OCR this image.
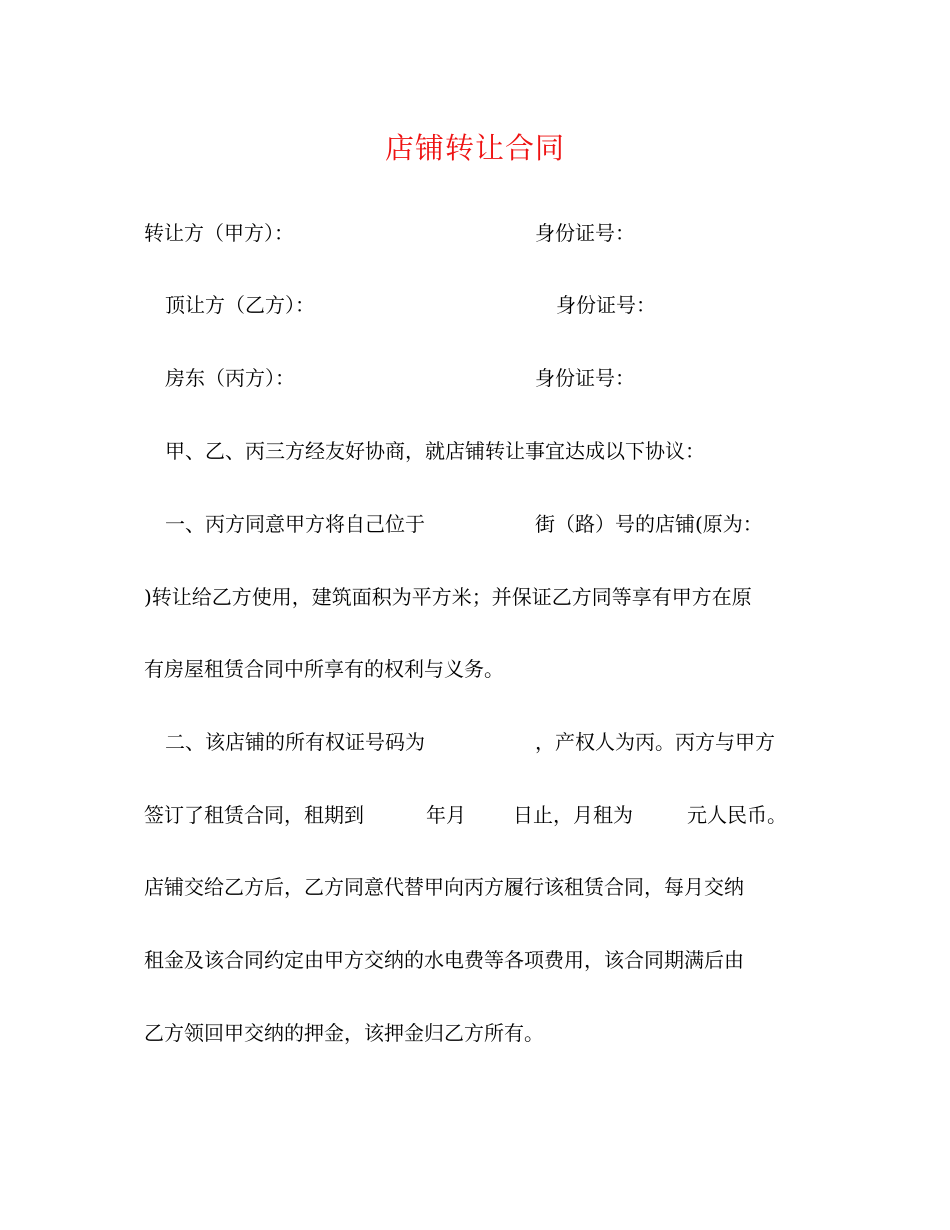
店铺转让合同
转让方（甲方）：	身份证号：
顶让方（乙方）：	身份证号：
房东（丙方）：	身份证号：
甲、乙、丙三方经友好协商，就店铺转让事宜达成以下协议：
一、丙方同意甲方将自己位于	街（路）号的店铺(原为：
)转让给乙方使用，建筑面积为平方米；并保证乙方同等享有甲方在原
有房屋租赁合同中所享有的权利与义务。
二、该店铺的所有权证号码为	，产权人为丙。丙方与甲方
签订了租赁合同，租期到	年月 日止，月租为	元人民币。
店铺交给乙方后，乙方同意代替甲向丙方履行该租赁合同，每月交纳
租金及该合同约定由甲方交纳的水电费等各项费用，该合同期满后由
乙方领回甲交纳的押金，该押金归乙方所有。
